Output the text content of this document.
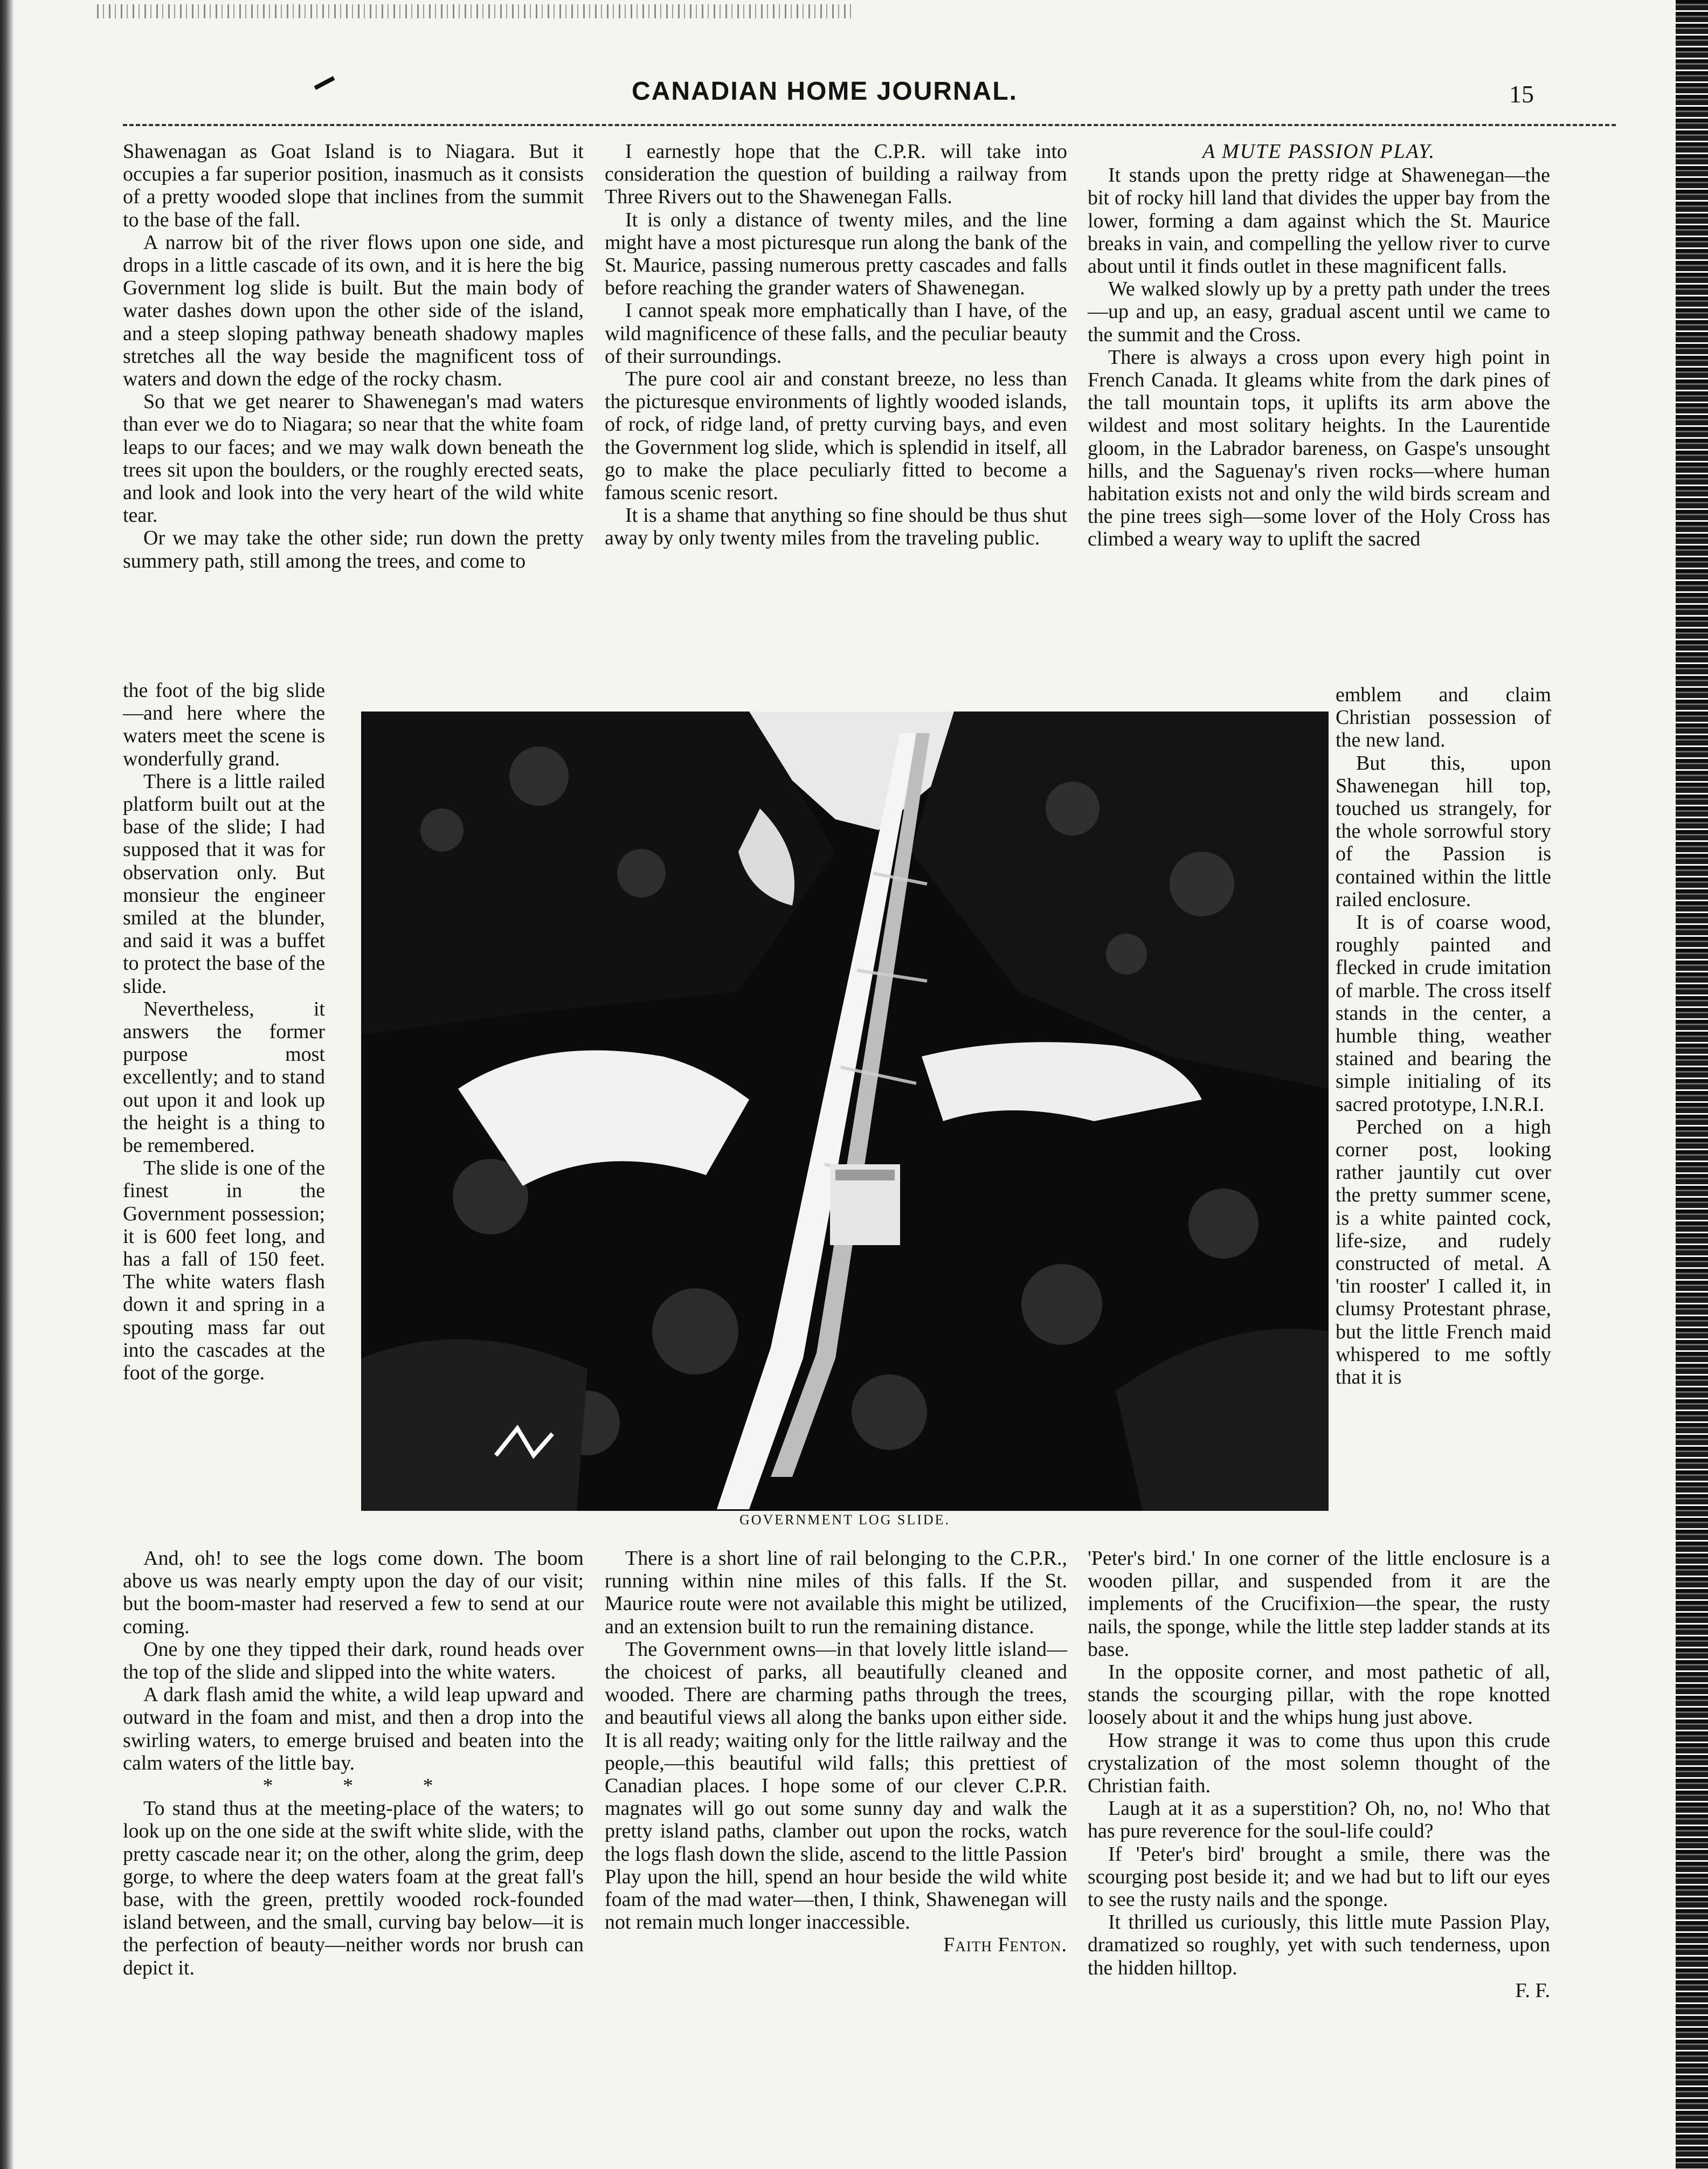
CANADIAN HOME JOURNAL.	15

Shawenagan as Goat Island is to Niagara. But it occupies a far superior position, inasmuch as it consists of a pretty wooded slope that inclines from the summit to the base of the fall.

A narrow bit of the river flows upon one side, and drops in a little cascade of its own, and it is here the big Government log slide is built. But the main body of water dashes down upon the other side of the island, and a steep sloping pathway beneath shadowy maples stretches all the way beside the magnificent toss of waters and down the edge of the rocky chasm.

So that we get nearer to Shawenegan's mad waters than ever we do to Niagara; so near that the white foam leaps to our faces; and we may walk down beneath the trees sit upon the boulders, or the roughly erected seats, and look and look into the very heart of the wild white tear.

Or we may take the other side; run down the pretty summery path, still among the trees, and come to

the foot of the big slide—and here where the waters meet the scene is wonderfully grand.

There is a little railed platform built out at the base of the slide; I had supposed that it was for observation only. But monsieur the engineer smiled at the blunder, and said it was a buffet to protect the base of the slide.

Nevertheless, it answers the former purpose most excellently; and to stand out upon it and look up the height is a thing to be remembered.

The slide is one of the finest in the Government possession; it is 600 feet long, and has a fall of 150 feet. The white waters flash down it and spring in a spouting mass far out into the cascades at the foot of the gorge.

And, oh! to see the logs come down. The boom above us was nearly empty upon the day of our visit; but the boom-master had reserved a few to send at our coming.

One by one they tipped their dark, round heads over the top of the slide and slipped into the white waters.

A dark flash amid the white, a wild leap upward and outward in the foam and mist, and then a drop into the swirling waters, to emerge bruised and beaten into the calm waters of the little bay.

* * *

To stand thus at the meeting-place of the waters; to look up on the one side at the swift white slide, with the pretty cascade near it; on the other, along the grim, deep gorge, to where the deep waters foam at the great fall's base, with the green, prettily wooded rock-founded island between, and the small, curving bay below—it is the perfection of beauty—neither words nor brush can depict it.

I earnestly hope that the C.P.R. will take into consideration the question of building a railway from Three Rivers out to the Shawenegan Falls.

It is only a distance of twenty miles, and the line might have a most picturesque run along the bank of the St. Maurice, passing numerous pretty cascades and falls before reaching the grander waters of Shawenegan.

I cannot speak more emphatically than I have, of the wild magnificence of these falls, and the peculiar beauty of their surroundings.

The pure cool air and constant breeze, no less than the picturesque environments of lightly wooded islands, of rock, of ridge land, of pretty curving bays, and even the Government log slide, which is splendid in itself, all go to make the place peculiarly fitted to become a famous scenic resort.

It is a shame that anything so fine should be thus shut away by only twenty miles from the traveling public.

There is a short line of rail belonging to the C.P.R., running within nine miles of this falls. If the St. Maurice route were not available this might be utilized, and an extension built to run the remaining distance.

The Government owns—in that lovely little island—the choicest of parks, all beautifully cleaned and wooded. There are charming paths through the trees, and beautiful views all along the banks upon either side. It is all ready; waiting only for the little railway and the people,—this beautiful wild falls; this prettiest of Canadian places. I hope some of our clever C.P.R. magnates will go out some sunny day and walk the pretty island paths, clamber out upon the rocks, watch the logs flash down the slide, ascend to the little Passion Play upon the hill, spend an hour beside the wild white foam of the mad water—then, I think, Shawenegan will not remain much longer inaccessible.

Faith Fenton.
A MUTE PASSION PLAY.

It stands upon the pretty ridge at Shawenegan—the bit of rocky hill land that divides the upper bay from the lower, forming a dam against which the St. Maurice breaks in vain, and compelling the yellow river to curve about until it finds outlet in these magnificent falls.

We walked slowly up by a pretty path under the trees—up and up, an easy, gradual ascent until we came to the summit and the Cross.

There is always a cross upon every high point in French Canada. It gleams white from the dark pines of the tall mountain tops, it uplifts its arm above the wildest and most solitary heights. In the Laurentide gloom, in the Labrador bareness, on Gaspe's unsought hills, and the Saguenay's riven rocks—where human habitation exists not and only the wild birds scream and the pine trees sigh—some lover of the Holy Cross has climbed a weary way to uplift the sacred

emblem and claim Christian possession of the new land.

But this, upon Shawenegan hill top, touched us strangely, for the whole sorrowful story of the Passion is contained within the little railed enclosure.

It is of coarse wood, roughly painted and flecked in crude imitation of marble. The cross itself stands in the center, a humble thing, weather stained and bearing the simple initialing of its sacred prototype, I.N.R.I.

Perched on a high corner post, looking rather jauntily cut over the pretty summer scene, is a white painted cock, life-size, and rudely constructed of metal. A 'tin rooster' I called it, in clumsy Protestant phrase, but the little French maid whispered to me softly that it is

'Peter's bird.' In one corner of the little enclosure is a wooden pillar, and suspended from it are the implements of the Crucifixion—the spear, the rusty nails, the sponge, while the little step ladder stands at its base.

In the opposite corner, and most pathetic of all, stands the scourging pillar, with the rope knotted loosely about it and the whips hung just above.

How strange it was to come thus upon this crude crystalization of the most solemn thought of the Christian faith.

Laugh at it as a superstition? Oh, no, no! Who that has pure reverence for the soul-life could?

If 'Peter's bird' brought a smile, there was the scourging post beside it; and we had but to lift our eyes to see the rusty nails and the sponge.

It thrilled us curiously, this little mute Passion Play, dramatized so roughly, yet with such tenderness, upon the hidden hilltop.

F. F.
GOVERNMENT LOG SLIDE.
